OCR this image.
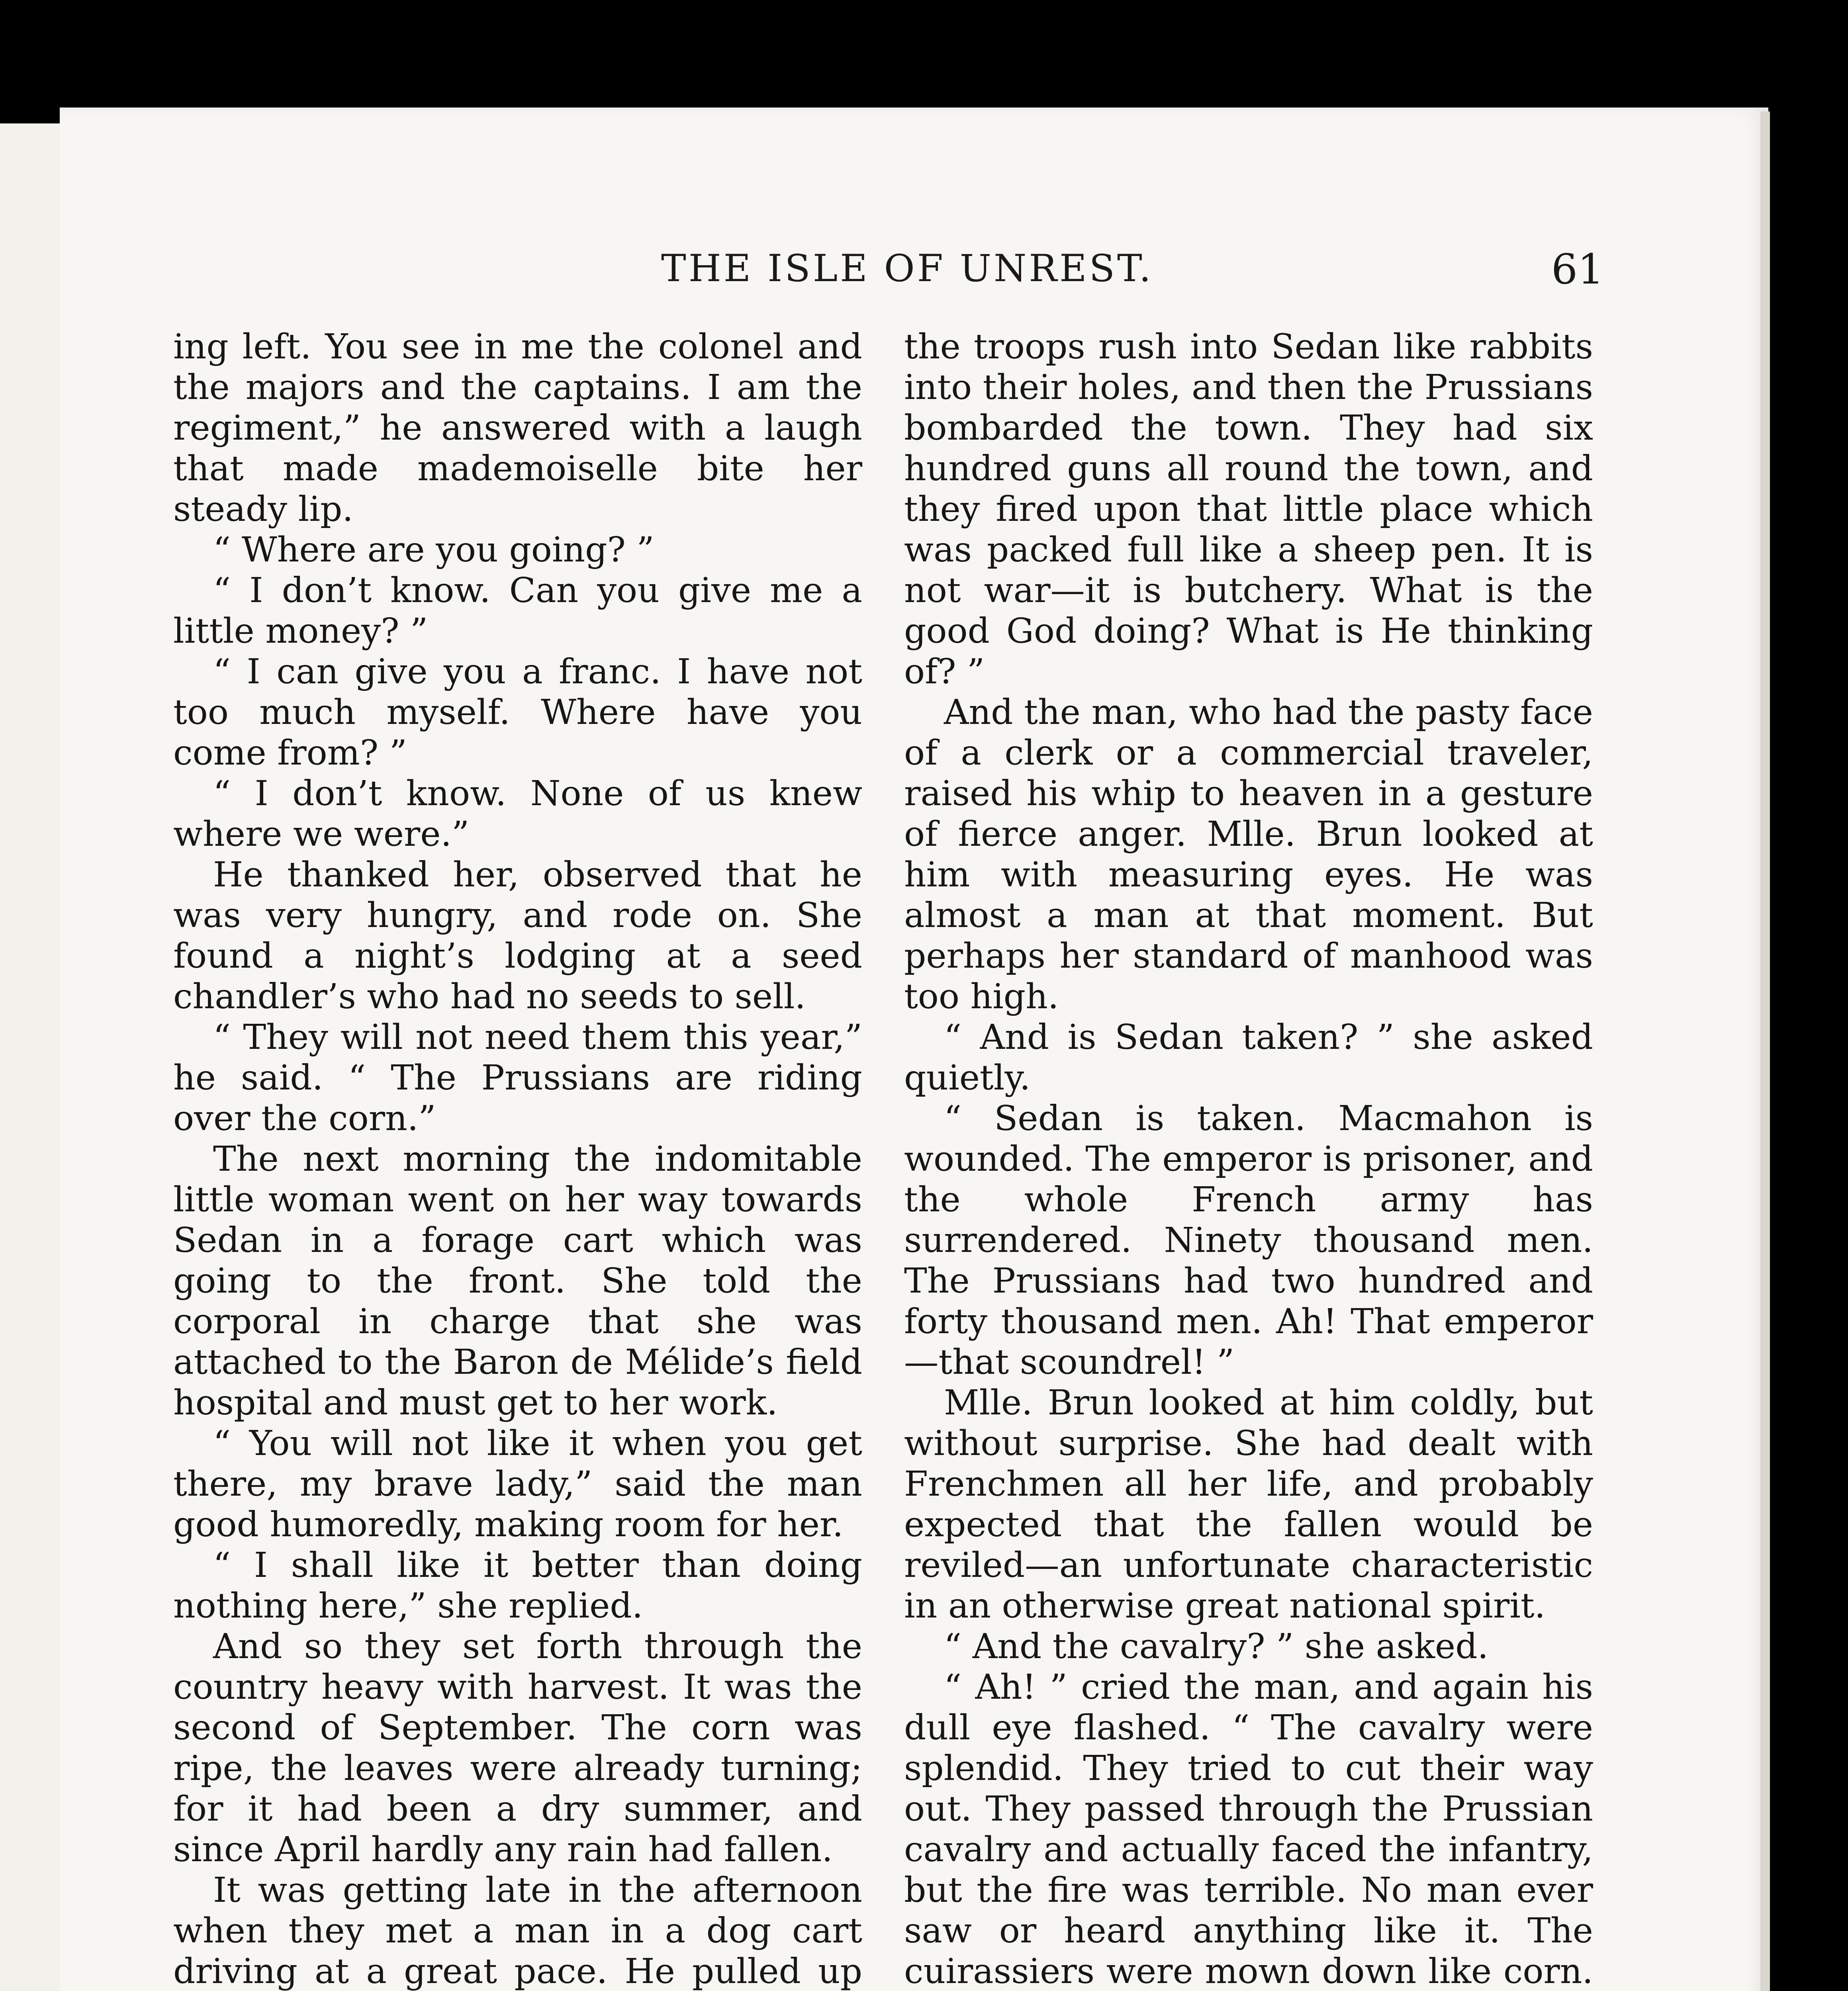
THE ISLE OF UNREST.	61

ing left. You see in me the colonel and the majors and the captains. I am the regiment,” he answered with a laugh that made mademoiselle bite her steady lip.

“ Where are you going? ”

“ I don’t know. Can you give me a little money? ”

“ I can give you a franc. I have not too much myself. Where have you come from? ”

“ I don’t know. None of us knew where we were.”

He thanked her, observed that he was very hungry, and rode on. She found a night’s lodging at a seed chandler’s who had no seeds to sell.

“ They will not need them this year,” he said. “ The Prussians are riding over the corn.”

The next morning the indomitable little woman went on her way towards Sedan in a forage cart which was going to the front. She told the corporal in charge that she was attached to the Baron de Mélide’s field hospital and must get to her work.

“ You will not like it when you get there, my brave lady,” said the man good humoredly, making room for her.

“ I shall like it better than doing nothing here,” she replied.

And so they set forth through the country heavy with harvest. It was the second of September. The corn was ripe, the leaves were already turning; for it had been a dry summer, and since April hardly any rain had fallen.

It was getting late in the afternoon when they met a man in a dog cart driving at a great pace. He pulled up

the troops rush into Sedan like rabbits into their holes, and then the Prussians bombarded the town. They had six hundred guns all round the town, and they fired upon that little place which was packed full like a sheep pen. It is not war—it is butchery. What is the good God doing? What is He thinking of? ”

And the man, who had the pasty face of a clerk or a commercial traveler, raised his whip to heaven in a gesture of fierce anger. Mlle. Brun looked at him with measuring eyes. He was almost a man at that moment. But perhaps her standard of manhood was too high.

“ And is Sedan taken? ” she asked quietly.

“ Sedan is taken. Macmahon is wounded. The emperor is prisoner, and the whole French army has surrendered. Ninety thousand men. The Prussians had two hundred and forty thousand men. Ah! That emperor—that scoundrel! ”

Mlle. Brun looked at him coldly, but without surprise. She had dealt with Frenchmen all her life, and probably expected that the fallen would be reviled—an unfortunate characteristic in an otherwise great national spirit.

“ And the cavalry? ” she asked.

“ Ah! ” cried the man, and again his dull eye flashed. “ The cavalry were splendid. They tried to cut their way out. They passed through the Prussian cavalry and actually faced the infantry, but the fire was terrible. No man ever saw or heard anything like it. The cuirassiers were mown down like corn.
